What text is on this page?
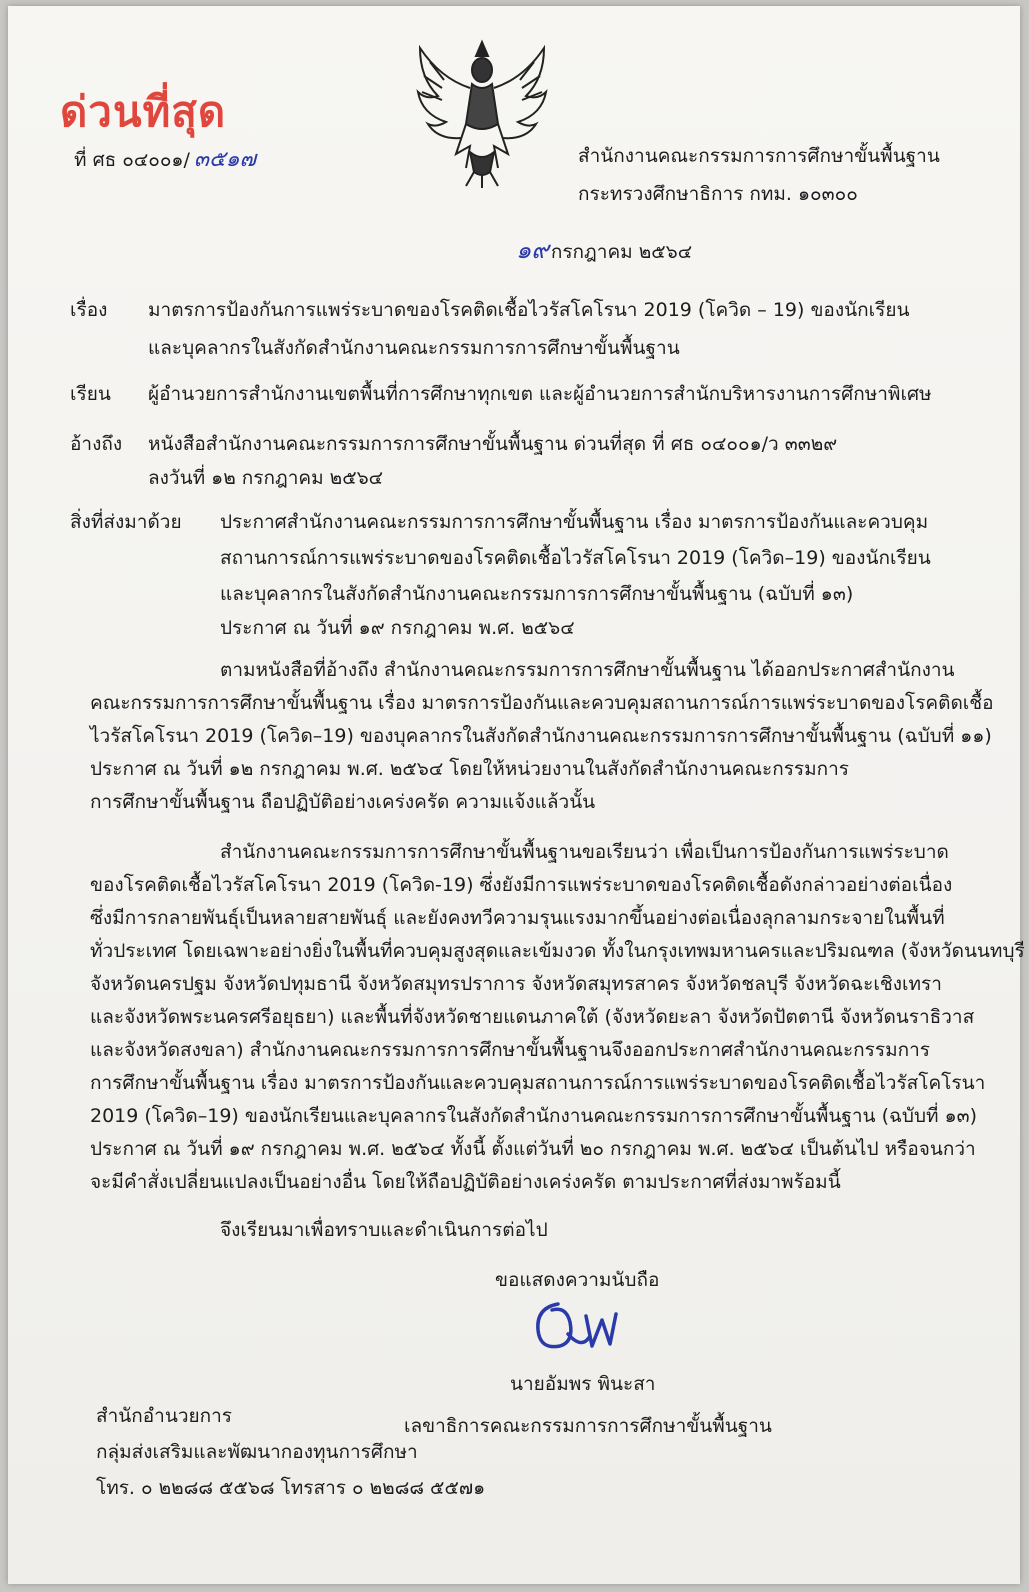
ด่วนที่สุด
ที่ ศธ ๐๔๐๐๑/ ๓๕๑๗	สำนักงานคณะกรรมการการศึกษาขั้นพื้นฐาน
กระทรวงศึกษาธิการ กทม. ๑๐๓๐๐
๑๙ กรกฎาคม ๒๕๖๔
เรื่อง มาตรการป้องกันการแพร่ระบาดของโรคติดเชื้อไวรัสโคโรนา 2019 (โควิด – 19) ของนักเรียน
และบุคลากรในสังกัดสำนักงานคณะกรรมการการศึกษาขั้นพื้นฐาน
เรียน ผู้อำนวยการสำนักงานเขตพื้นที่การศึกษาทุกเขต และผู้อำนวยการสำนักบริหารงานการศึกษาพิเศษ
อ้างถึง หนังสือสำนักงานคณะกรรมการการศึกษาขั้นพื้นฐาน ด่วนที่สุด ที่ ศธ ๐๔๐๐๑/ว ๓๓๒๙
ลงวันที่ ๑๒ กรกฎาคม ๒๕๖๔
สิ่งที่ส่งมาด้วย ประกาศสำนักงานคณะกรรมการการศึกษาขั้นพื้นฐาน เรื่อง มาตรการป้องกันและควบคุม
สถานการณ์การแพร่ระบาดของโรคติดเชื้อไวรัสโคโรนา 2019 (โควิด–19) ของนักเรียน
และบุคลากรในสังกัดสำนักงานคณะกรรมการการศึกษาขั้นพื้นฐาน (ฉบับที่ ๑๓)
ประกาศ ณ วันที่ ๑๙ กรกฎาคม พ.ศ. ๒๕๖๔

ตามหนังสือที่อ้างถึง สำนักงานคณะกรรมการการศึกษาขั้นพื้นฐาน ได้ออกประกาศสำนักงาน

คณะกรรมการการศึกษาขั้นพื้นฐาน เรื่อง มาตรการป้องกันและควบคุมสถานการณ์การแพร่ระบาดของโรคติดเชื้อ

ไวรัสโคโรนา 2019 (โควิด–19) ของบุคลากรในสังกัดสำนักงานคณะกรรมการการศึกษาขั้นพื้นฐาน (ฉบับที่ ๑๑)

ประกาศ ณ วันที่ ๑๒ กรกฎาคม พ.ศ. ๒๕๖๔ โดยให้หน่วยงานในสังกัดสำนักงานคณะกรรมการ

การศึกษาขั้นพื้นฐาน ถือปฏิบัติอย่างเคร่งครัด ความแจ้งแล้วนั้น

สำนักงานคณะกรรมการการศึกษาขั้นพื้นฐานขอเรียนว่า เพื่อเป็นการป้องกันการแพร่ระบาด

ของโรคติดเชื้อไวรัสโคโรนา 2019 (โควิด-19) ซึ่งยังมีการแพร่ระบาดของโรคติดเชื้อดังกล่าวอย่างต่อเนื่อง

ซึ่งมีการกลายพันธุ์เป็นหลายสายพันธุ์ และยังคงทวีความรุนแรงมากขึ้นอย่างต่อเนื่องลุกลามกระจายในพื้นที่

ทั่วประเทศ โดยเฉพาะอย่างยิ่งในพื้นที่ควบคุมสูงสุดและเข้มงวด ทั้งในกรุงเทพมหานครและปริมณฑล (จังหวัดนนทบุรี

จังหวัดนครปฐม จังหวัดปทุมธานี จังหวัดสมุทรปราการ จังหวัดสมุทรสาคร จังหวัดชลบุรี จังหวัดฉะเชิงเทรา

และจังหวัดพระนครศรีอยุธยา) และพื้นที่จังหวัดชายแดนภาคใต้ (จังหวัดยะลา จังหวัดปัตตานี จังหวัดนราธิวาส

และจังหวัดสงขลา) สำนักงานคณะกรรมการการศึกษาขั้นพื้นฐานจึงออกประกาศสำนักงานคณะกรรมการ

การศึกษาขั้นพื้นฐาน เรื่อง มาตรการป้องกันและควบคุมสถานการณ์การแพร่ระบาดของโรคติดเชื้อไวรัสโคโรนา

2019 (โควิด–19) ของนักเรียนและบุคลากรในสังกัดสำนักงานคณะกรรมการการศึกษาขั้นพื้นฐาน (ฉบับที่ ๑๓)

ประกาศ ณ วันที่ ๑๙ กรกฎาคม พ.ศ. ๒๕๖๔ ทั้งนี้ ตั้งแต่วันที่ ๒๐ กรกฎาคม พ.ศ. ๒๕๖๔ เป็นต้นไป หรือจนกว่า

จะมีคำสั่งเปลี่ยนแปลงเป็นอย่างอื่น โดยให้ถือปฏิบัติอย่างเคร่งครัด ตามประกาศที่ส่งมาพร้อมนี้

จึงเรียนมาเพื่อทราบและดำเนินการต่อไป
ขอแสดงความนับถือ
นายอัมพร พินะสา
เลขาธิการคณะกรรมการการศึกษาขั้นพื้นฐาน
สำนักอำนวยการ
กลุ่มส่งเสริมและพัฒนากองทุนการศึกษา
โทร. ๐ ๒๒๘๘ ๕๕๖๘ โทรสาร ๐ ๒๒๘๘ ๕๕๗๑
